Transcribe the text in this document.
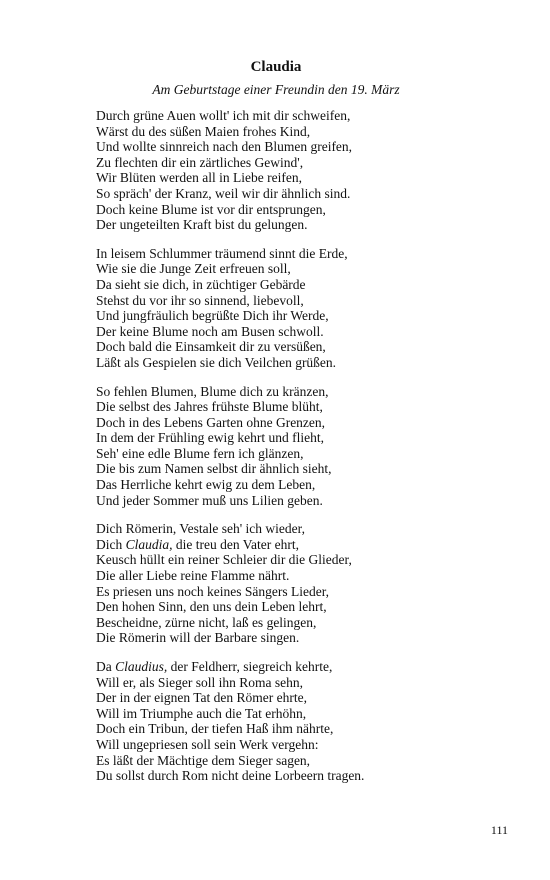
Claudia

Am Geburtstage einer Freundin den 19. März

Durch grüne Auen wollt' ich mit dir schweifen,
Wärst du des süßen Maien frohes Kind,
Und wollte sinnreich nach den Blumen greifen,
Zu flechten dir ein zärtliches Gewind',
Wir Blüten werden all in Liebe reifen,
So spräch' der Kranz, weil wir dir ähnlich sind.
Doch keine Blume ist vor dir entsprungen,
Der ungeteilten Kraft bist du gelungen.
In leisem Schlummer träumend sinnt die Erde,
Wie sie die Junge Zeit erfreuen soll,
Da sieht sie dich, in züchtiger Gebärde
Stehst du vor ihr so sinnend, liebevoll,
Und jungfräulich begrüßte Dich ihr Werde,
Der keine Blume noch am Busen schwoll.
Doch bald die Einsamkeit dir zu versüßen,
Läßt als Gespielen sie dich Veilchen grüßen.
So fehlen Blumen, Blume dich zu kränzen,
Die selbst des Jahres frühste Blume blüht,
Doch in des Lebens Garten ohne Grenzen,
In dem der Frühling ewig kehrt und flieht,
Seh' eine edle Blume fern ich glänzen,
Die bis zum Namen selbst dir ähnlich sieht,
Das Herrliche kehrt ewig zu dem Leben,
Und jeder Sommer muß uns Lilien geben.
Dich Römerin, Vestale seh' ich wieder,
Dich Claudia, die treu den Vater ehrt,
Keusch hüllt ein reiner Schleier dir die Glieder,
Die aller Liebe reine Flamme nährt.
Es priesen uns noch keines Sängers Lieder,
Den hohen Sinn, den uns dein Leben lehrt,
Bescheidne, zürne nicht, laß es gelingen,
Die Römerin will der Barbare singen.
Da Claudius, der Feldherr, siegreich kehrte,
Will er, als Sieger soll ihn Roma sehn,
Der in der eignen Tat den Römer ehrte,
Will im Triumphe auch die Tat erhöhn,
Doch ein Tribun, der tiefen Haß ihm nährte,
Will ungepriesen soll sein Werk vergehn:
Es läßt der Mächtige dem Sieger sagen,
Du sollst durch Rom nicht deine Lorbeern tragen.
111
